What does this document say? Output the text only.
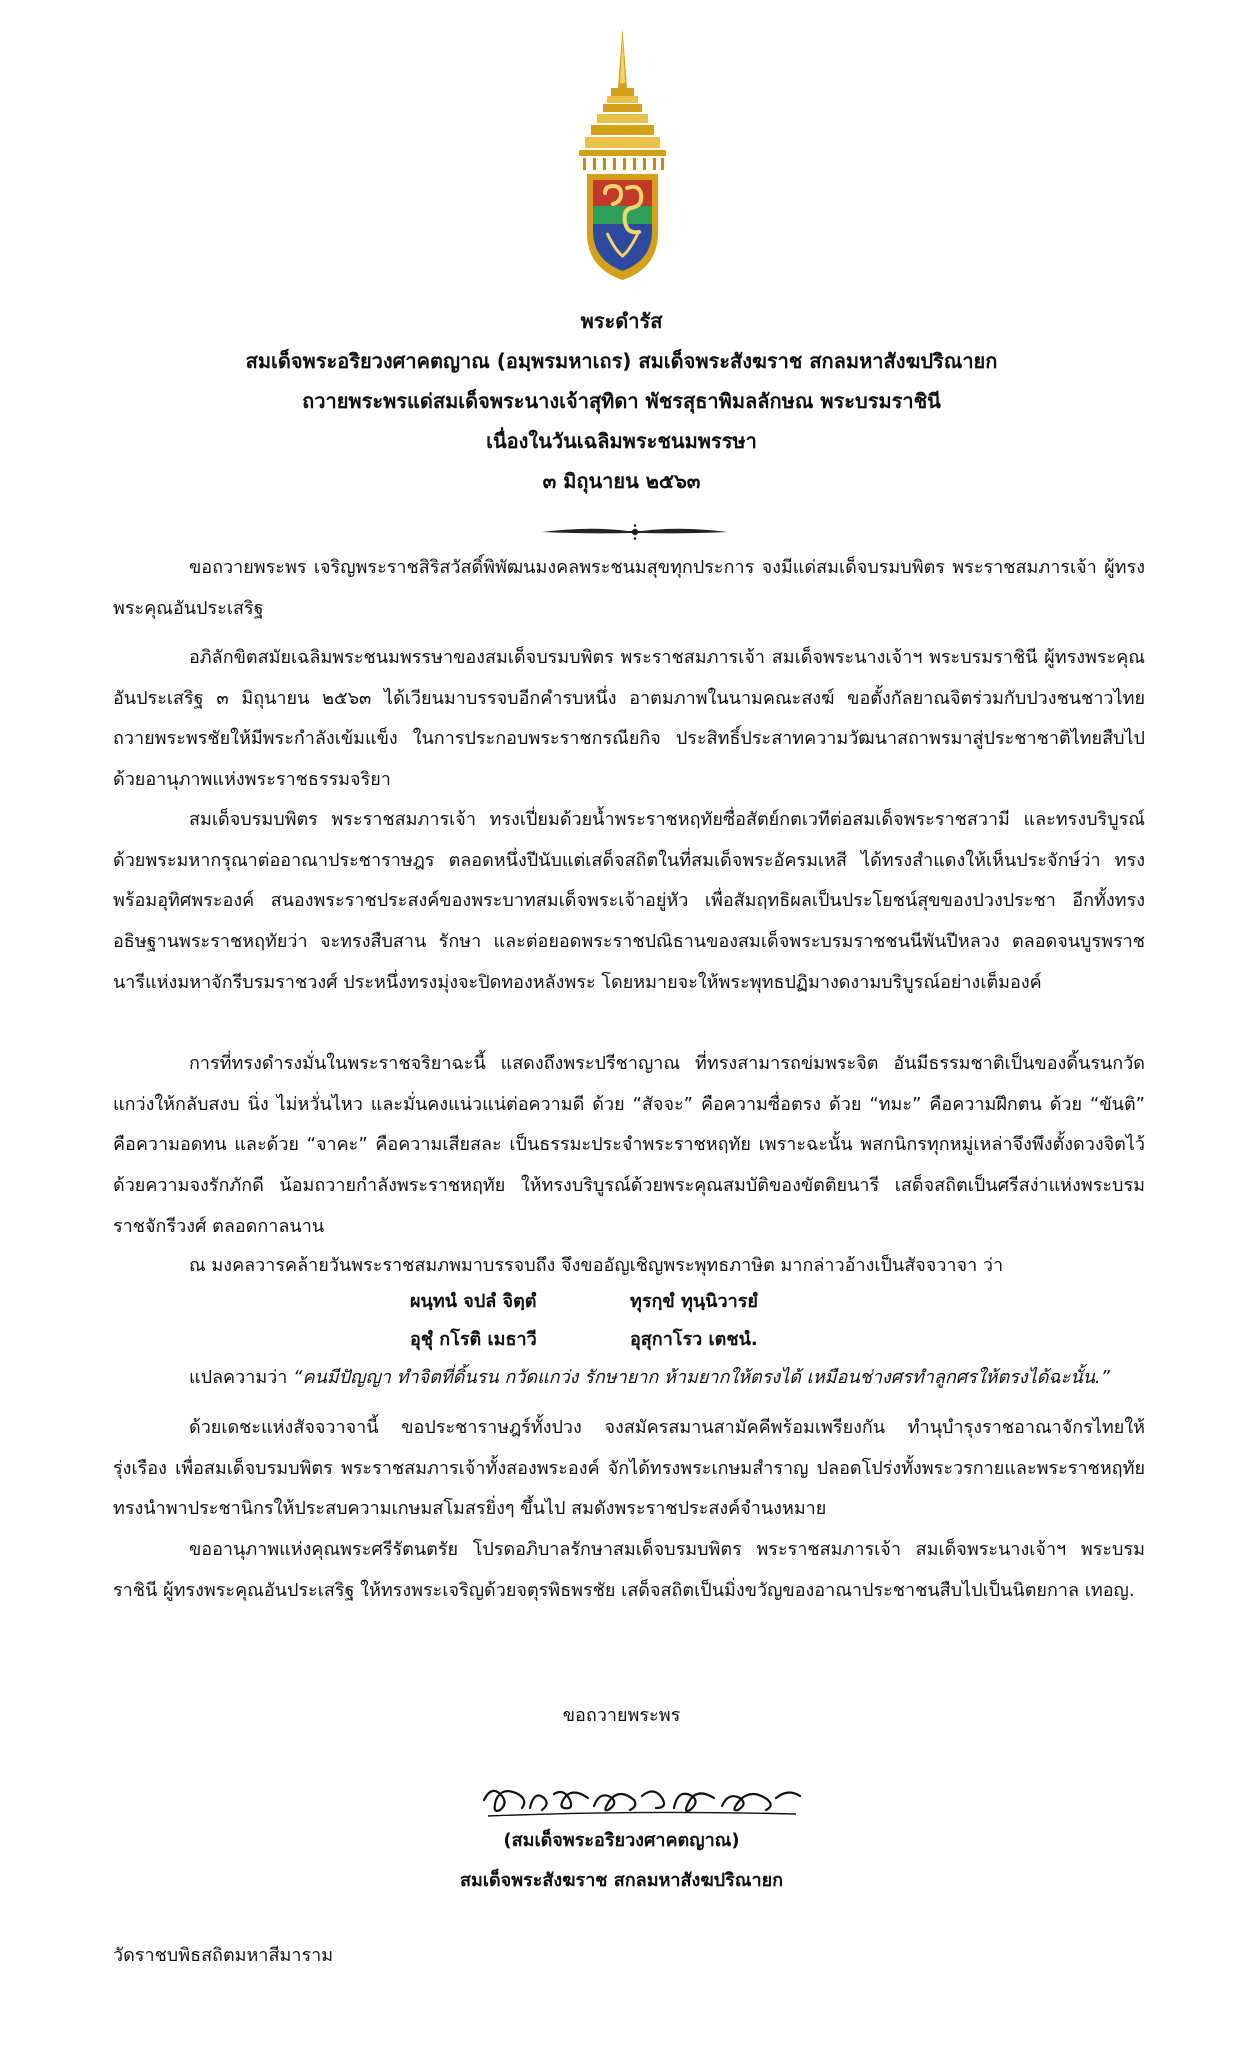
พระดำรัส
สมเด็จพระอริยวงศาคตญาณ (อมฺพรมหาเถร) สมเด็จพระสังฆราช สกลมหาสังฆปริณายก
ถวายพระพรแด่สมเด็จพระนางเจ้าสุทิดา พัชรสุธาพิมลลักษณ พระบรมราชินี
เนื่องในวันเฉลิมพระชนมพรรษา
๓ มิถุนายน ๒๕๖๓

ขอถวายพระพร เจริญพระราชสิริสวัสดิ์พิพัฒนมงคลพระชนมสุขทุกประการ จงมีแด่สมเด็จบรมบพิตร พระราชสมภารเจ้า ผู้ทรงพระคุณอันประเสริฐ

อภิลักขิตสมัยเฉลิมพระชนมพรรษาของสมเด็จบรมบพิตร พระราชสมภารเจ้า สมเด็จพระนางเจ้าฯ พระบรมราชินี ผู้ทรงพระคุณอันประเสริฐ ๓ มิถุนายน ๒๕๖๓ ได้เวียนมาบรรจบอีกคำรบหนึ่ง อาตมภาพในนามคณะสงฆ์ ขอตั้งกัลยาณจิตร่วมกับปวงชนชาวไทย ถวายพระพรชัยให้มีพระกำลังเข้มแข็ง ในการประกอบพระราชกรณียกิจ ประสิทธิ์ประสาทความวัฒนาสถาพรมาสู่ประชาชาติไทยสืบไป ด้วยอานุภาพแห่งพระราชธรรมจริยา

สมเด็จบรมบพิตร พระราชสมภารเจ้า ทรงเปี่ยมด้วยน้ำพระราชหฤทัยซื่อสัตย์กตเวทีต่อสมเด็จพระราชสวามี และทรงบริบูรณ์ด้วยพระมหากรุณาต่ออาณาประชาราษฎร ตลอดหนึ่งปีนับแต่เสด็จสถิตในที่สมเด็จพระอัครมเหสี ได้ทรงสำแดงให้เห็นประจักษ์ว่า ทรงพร้อมอุทิศพระองค์ สนองพระราชประสงค์ของพระบาทสมเด็จพระเจ้าอยู่หัว เพื่อสัมฤทธิผลเป็นประโยชน์สุขของปวงประชา อีกทั้งทรงอธิษฐานพระราชหฤทัยว่า จะทรงสืบสาน รักษา และต่อยอดพระราชปณิธานของสมเด็จพระบรมราชชนนีพันปีหลวง ตลอดจนบูรพราชนารีแห่งมหาจักรีบรมราชวงศ์ ประหนึ่งทรงมุ่งจะปิดทองหลังพระ โดยหมายจะให้พระพุทธปฏิมางดงามบริบูรณ์อย่างเต็มองค์

การที่ทรงดำรงมั่นในพระราชจริยาฉะนี้ แสดงถึงพระปรีชาญาณ ที่ทรงสามารถข่มพระจิต อันมีธรรมชาติเป็นของดิ้นรนกวัดแกว่งให้กลับสงบ นิ่ง ไม่หวั่นไหว และมั่นคงแน่วแน่ต่อความดี ด้วย “สัจจะ” คือความซื่อตรง ด้วย “ทมะ” คือความฝึกตน ด้วย “ขันติ” คือความอดทน และด้วย “จาคะ” คือความเสียสละ เป็นธรรมะประจำพระราชหฤทัย เพราะฉะนั้น พสกนิกรทุกหมู่เหล่าจึงพึงตั้งดวงจิตไว้ด้วยความจงรักภักดี น้อมถวายกำลังพระราชหฤทัย ให้ทรงบริบูรณ์ด้วยพระคุณสมบัติของขัตติยนารี เสด็จสถิตเป็นศรีสง่าแห่งพระบรมราชจักรีวงศ์ ตลอดกาลนาน

ณ มงคลวารคล้ายวันพระราชสมภพมาบรรจบถึง จึงขออัญเชิญพระพุทธภาษิต มากล่าวอ้างเป็นสัจจวาจา ว่า

ผนฺทนํ จปลํ จิตฺตํ	ทุรกฺขํ ทุนฺนิวารยํ
อุชุํ กโรติ เมธาวี	อุสุกาโรว เตชนํ.
แปลความว่า “คนมีปัญญา ทำจิตที่ดิ้นรน กวัดแกว่ง รักษายาก ห้ามยากให้ตรงได้ เหมือนช่างศรทำลูกศรให้ตรงได้ฉะนั้น.”

ด้วยเดชะแห่งสัจจวาจานี้ ขอประชาราษฎร์ทั้งปวง จงสมัครสมานสามัคคีพร้อมเพรียงกัน ทำนุบำรุงราชอาณาจักรไทยให้รุ่งเรือง เพื่อสมเด็จบรมบพิตร พระราชสมภารเจ้าทั้งสองพระองค์ จักได้ทรงพระเกษมสำราญ ปลอดโปร่งทั้งพระวรกายและพระราชหฤทัย ทรงนำพาประชานิกรให้ประสบความเกษมสโมสรยิ่งๆ ขึ้นไป สมดังพระราชประสงค์จำนงหมาย

ขออานุภาพแห่งคุณพระศรีรัตนตรัย โปรดอภิบาลรักษาสมเด็จบรมบพิตร พระราชสมภารเจ้า สมเด็จพระนางเจ้าฯ พระบรมราชินี ผู้ทรงพระคุณอันประเสริฐ ให้ทรงพระเจริญด้วยจตุรพิธพรชัย เสด็จสถิตเป็นมิ่งขวัญของอาณาประชาชนสืบไปเป็นนิตยกาล เทอญ.

ขอถวายพระพร
(สมเด็จพระอริยวงศาคตญาณ)
สมเด็จพระสังฆราช สกลมหาสังฆปริณายก
วัดราชบพิธสถิตมหาสีมาราม
